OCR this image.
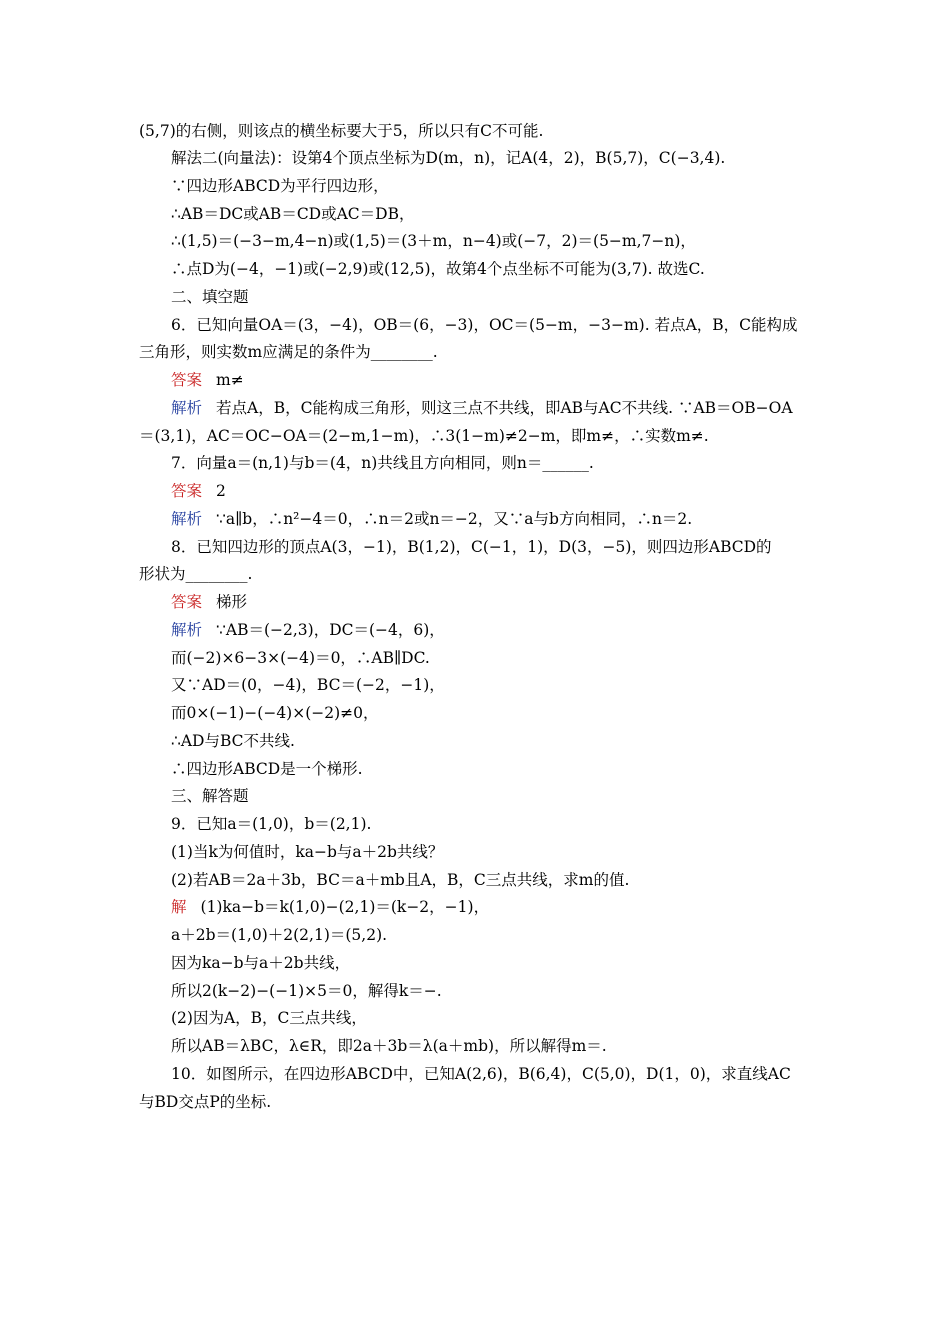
(5,7)的右侧，则该点的横坐标要大于5，所以只有C不可能.
解法二(向量法)：设第4个顶点坐标为D(m，n)，记A(4，2)，B(5,7)，C(−3,4).
∵四边形ABCD为平行四边形，
∴AB＝DC或AB＝CD或AC＝DB，
∴(1,5)＝(−3−m,4−n)或(1,5)＝(3＋m，n−4)或(−7，2)＝(5−m,7−n)，
∴点D为(−4，−1)或(−2,9)或(12,5)，故第4个点坐标不可能为(3,7). 故选C.
二、填空题
6．已知向量OA＝(3，−4)，OB＝(6，−3)，OC＝(5−m，−3−m). 若点A，B，C能构成
三角形，则实数m应满足的条件为________.
答案 m≠
解析 若点A，B，C能构成三角形，则这三点不共线，即AB与AC不共线. ∵AB＝OB−OA
＝(3,1)，AC＝OC−OA＝(2−m,1−m)，∴3(1−m)≠2−m，即m≠，∴实数m≠.
7．向量a＝(n,1)与b＝(4，n)共线且方向相同，则n＝______.
答案 2
解析 ∵a∥b，∴n²−4＝0，∴n＝2或n＝−2，又∵a与b方向相同，∴n＝2.
8．已知四边形的顶点A(3，−1)，B(1,2)，C(−1，1)，D(3，−5)，则四边形ABCD的
形状为________.
答案 梯形
解析 ∵AB＝(−2,3)，DC＝(−4，6)，
而(−2)×6−3×(−4)＝0，∴AB∥DC.
又∵AD＝(0，−4)，BC＝(−2，−1)，
而0×(−1)−(−4)×(−2)≠0，
∴AD与BC不共线.
∴四边形ABCD是一个梯形.
三、解答题
9．已知a＝(1,0)，b＝(2,1).
(1)当k为何值时，ka−b与a＋2b共线？
(2)若AB＝2a＋3b，BC＝a＋mb且A，B，C三点共线，求m的值.
解 (1)ka−b＝k(1,0)−(2,1)＝(k−2，−1)，
a＋2b＝(1,0)＋2(2,1)＝(5,2).
因为ka−b与a＋2b共线，
所以2(k−2)−(−1)×5＝0，解得k＝−.
(2)因为A，B，C三点共线，
所以AB＝λBC，λ∈R，即2a＋3b＝λ(a＋mb)，所以解得m＝.
10．如图所示，在四边形ABCD中，已知A(2,6)，B(6,4)，C(5,0)，D(1，0)，求直线AC
与BD交点P的坐标.
